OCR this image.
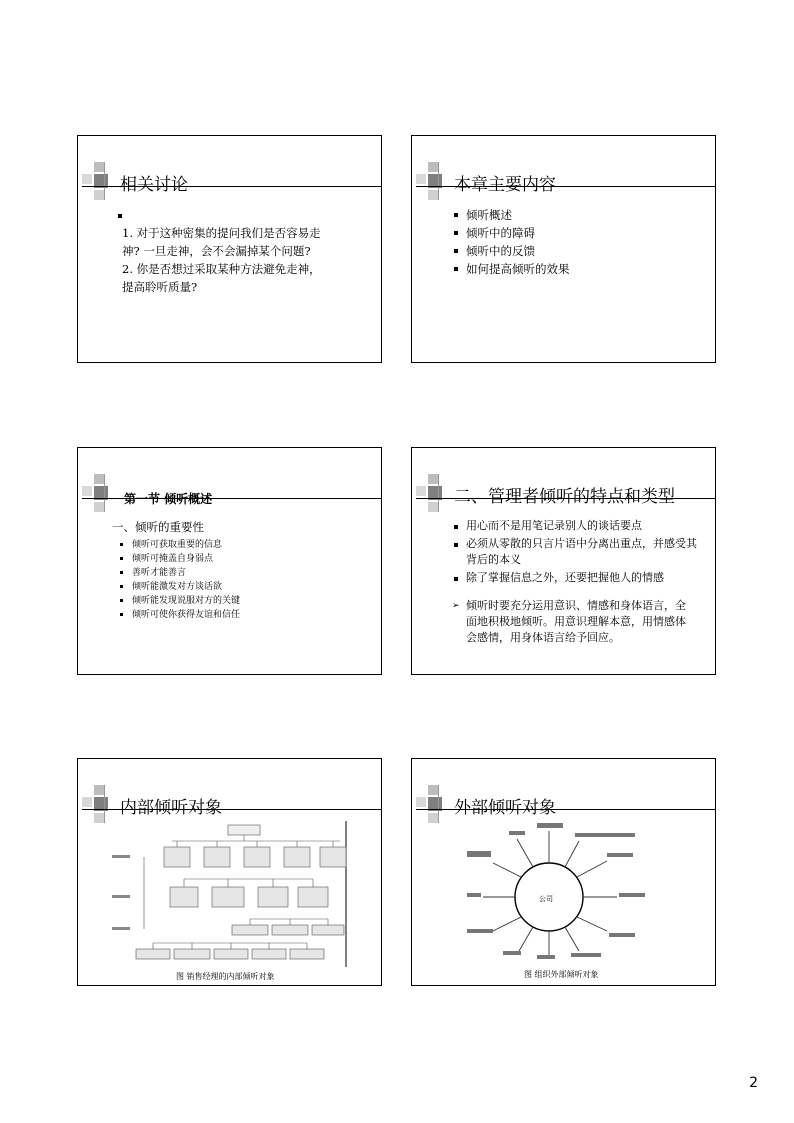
相关讨论
1. 对于这种密集的提问我们是否容易走
神? 一旦走神，会不会漏掉某个问题?
2. 你是否想过采取某种方法避免走神，
提高聆听质量?
本章主要内容
倾听概述
倾听中的障碍
倾听中的反馈
如何提高倾听的效果
第一节 倾听概述
一、倾听的重要性
倾听可获取重要的信息
倾听可掩盖自身弱点
善听才能善言
倾听能激发对方谈话欲
倾听能发现说服对方的关键
倾听可使你获得友谊和信任
二、管理者倾听的特点和类型
用心而不是用笔记录别人的谈话要点
必须从零散的只言片语中分离出重点，并感受其背后的本义
除了掌握信息之外，还要把握他人的情感
➢ 倾听时要充分运用意识、情感和身体语言，全
面地积极地倾听。用意识理解本意，用情感体
会感情，用身体语言给予回应。
内部倾听对象
图 销售经理的内部倾听对象
外部倾听对象
公司
图 组织外部倾听对象
2
